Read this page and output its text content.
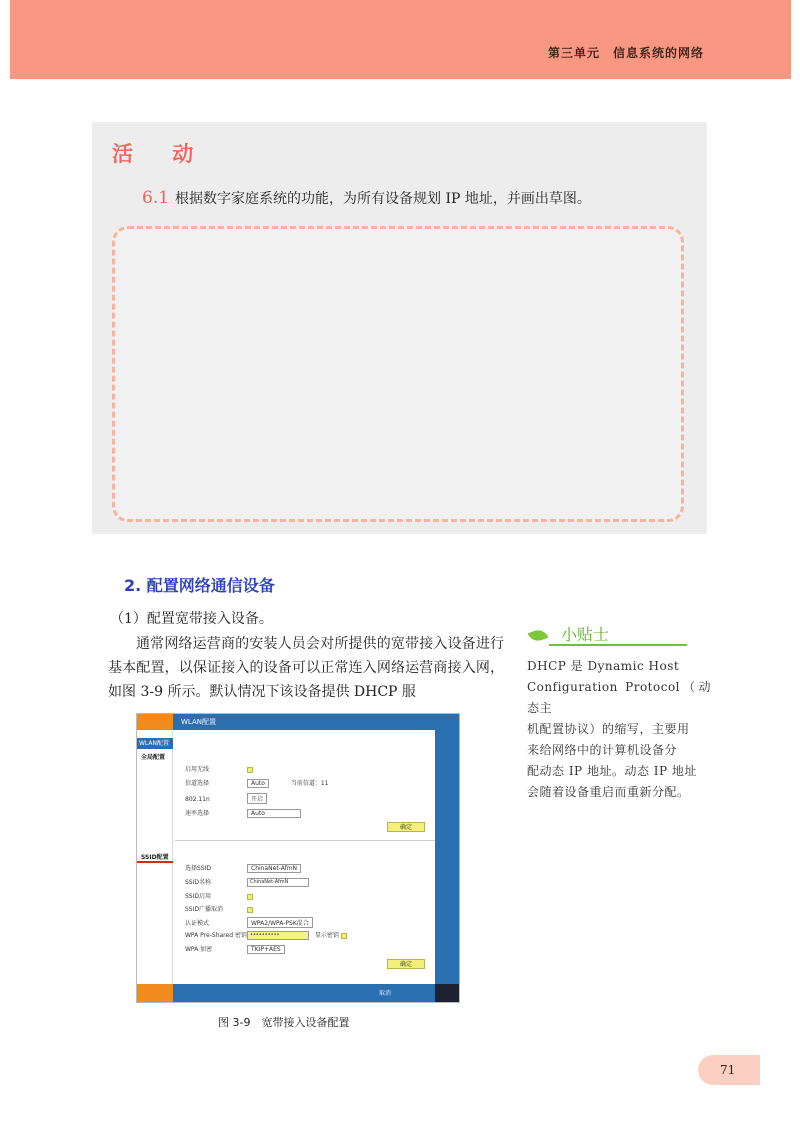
第三单元　信息系统的网络
活 动
6.1 根据数字家庭系统的功能，为所有设备规划 IP 地址，并画出草图。
2. 配置网络通信设备
（1）配置宽带接入设备。

通常网络运营商的安装人员会对所提供的宽带接入设备进行基本配置，以保证接入的设备可以正常连入网络运营商接入网，如图 3-9 所示。默认情况下该设备提供 DHCP 服

小贴士
DHCP 是 Dynamic Host
Configuration Protocol（动态主
机配置协议）的缩写，主要用
来给网络中的计算机设备分
配动态 IP 地址。动态 IP 地址
会随着设备重启而重新分配。
WLAN配置
WLAN配置
全局配置
SSID配置
启用无线
信道选择	Auto	当前信道：11
802.11n	开启
速率选择	Auto
确定
选择SSID	ChinaNet-AfmN
SSID名称	ChinaNet-AfmN
SSID启用
SSID广播取消
认证模式	WPA2/WPA-PSK混合
WPA Pre-Shared 密钥 ••••••••••	显示密钥
WPA 加密	TKIP+AES
确定
取消
图 3-9　宽带接入设备配置
71
